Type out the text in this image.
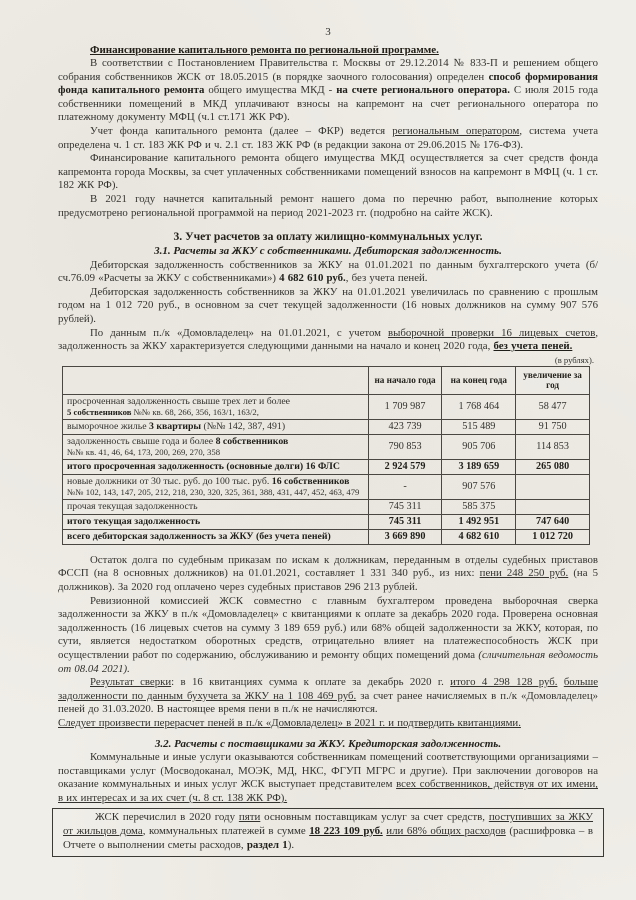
3
Финансирование капитального ремонта по региональной программе.
В соответствии с Постановлением Правительства г. Москвы от 29.12.2014 № 833-П и решением общего собрания собственников ЖСК от 18.05.2015 (в порядке заочного голосования) определен способ формирования фонда капитального ремонта общего имущества МКД - на счете регионального оператора. С июля 2015 года собственники помещений в МКД уплачивают взносы на капремонт на счет регионального оператора по платежному документу МФЦ (ч.1 ст.171 ЖК РФ).
Учет фонда капитального ремонта (далее – ФКР) ведется региональным оператором, система учета определена ч. 1 ст. 183 ЖК РФ и ч. 2.1 ст. 183 ЖК РФ (в редакции закона от 29.06.2015 № 176-ФЗ).
Финансирование капитального ремонта общего имущества МКД осуществляется за счет средств фонда капремонта города Москвы, за счет уплаченных собственниками помещений взносов на капремонт в МФЦ (ч. 1 ст. 182 ЖК РФ).
В 2021 году начнется капитальный ремонт нашего дома по перечню работ, выполнение которых предусмотрено региональной программой на период 2021-2023 гг. (подробно на сайте ЖСК).
3. Учет расчетов за оплату жилищно-коммунальных услуг.
3.1. Расчеты за ЖКУ с собственниками. Дебиторская задолженность.
Дебиторская задолженность собственников за ЖКУ на 01.01.2021 по данным бухгалтерского учета (б/сч.76.09 «Расчеты за ЖКУ с собственниками») 4 682 610 руб., без учета пеней.
Дебиторская задолженность собственников за ЖКУ на 01.01.2021 увеличилась по сравнению с прошлым годом на 1 012 720 руб., в основном за счет текущей задолженности (16 новых должников на сумму 907 576 рублей).
По данным п./к «Домовладелец» на 01.01.2021, с учетом выборочной проверки 16 лицевых счетов, задолженность за ЖКУ характеризуется следующими данными на начало и конец 2020 года, без учета пеней.
(в рублях).
	на начало года	на конец года	увеличение за год

просроченная задолженность свыше трех лет и более
5 собственников №№ кв. 68, 266, 356, 163/1, 163/2,	1 709 987	1 768 464	58 477

выморочное жилье 3 квартиры (№№ 142, 387, 491)	423 739	515 489	91 750

задолженность свыше года и более 8 собственников
№№ кв. 41, 46, 64, 173, 200, 269, 270, 358	790 853	905 706	114 853

итого просроченная задолженность (основные долги) 16 ФЛС	2 924 579	3 189 659	265 080

новые должники от 30 тыс. руб. до 100 тыс. руб. 16 собственников
№№ 102, 143, 147, 205, 212, 218, 230, 320, 325, 361, 388, 431, 447, 452, 463, 479	-	907 576	

прочая текущая задолженность	745 311	585 375	

итого текущая задолженность	745 311	1 492 951	747 640

всего дебиторская задолженность за ЖКУ (без учета пеней)	3 669 890	4 682 610	1 012 720
Остаток долга по судебным приказам по искам к должникам, переданным в отделы судебных приставов ФССП (на 8 основных должников) на 01.01.2021, составляет 1 331 340 руб., из них: пени 248 250 руб. (на 5 должников). За 2020 год оплачено через судебных приставов 296 213 рублей.
Ревизионной комиссией ЖСК совместно с главным бухгалтером проведена выборочная сверка задолженности за ЖКУ в п./к «Домовладелец» с квитанциями к оплате за декабрь 2020 года. Проверена основная задолженность (16 лицевых счетов на сумму 3 189 659 руб.) или 68% общей задолженности за ЖКУ, которая, по сути, является недостатком оборотных средств, отрицательно влияет на платежеспособность ЖСК при осуществлении работ по содержанию, обслуживанию и ремонту общих помещений дома (сличительная ведомость от 08.04 2021).
Результат сверки: в 16 квитанциях сумма к оплате за декабрь 2020 г. итого 4 298 128 руб. больше задолженности по данным бухучета за ЖКУ на 1 108 469 руб. за счет ранее начисляемых в п./к «Домовладелец» пеней до 31.03.2020. В настоящее время пени в п./к не начисляются.
Следует произвести перерасчет пеней в п./к «Домовладелец» в 2021 г. и подтвердить квитанциями.
3.2. Расчеты с поставщиками за ЖКУ. Кредиторская задолженность.
Коммунальные и иные услуги оказываются собственникам помещений соответствующими организациями – поставщиками услуг (Мосводоканал, МОЭК, МД, НКС, ФГУП МГРС и другие). При заключении договоров на оказание коммунальных и иных услуг ЖСК выступает представителем всех собственников, действуя от их имени, в их интересах и за их счет (ч. 8 ст. 138 ЖК РФ).
ЖСК перечислил в 2020 году пяти основным поставщикам услуг за счет средств, поступивших за ЖКУ от жильцов дома, коммунальных платежей в сумме 18 223 109 руб. или 68% общих расходов (расшифровка – в Отчете о выполнении сметы расходов, раздел 1).
